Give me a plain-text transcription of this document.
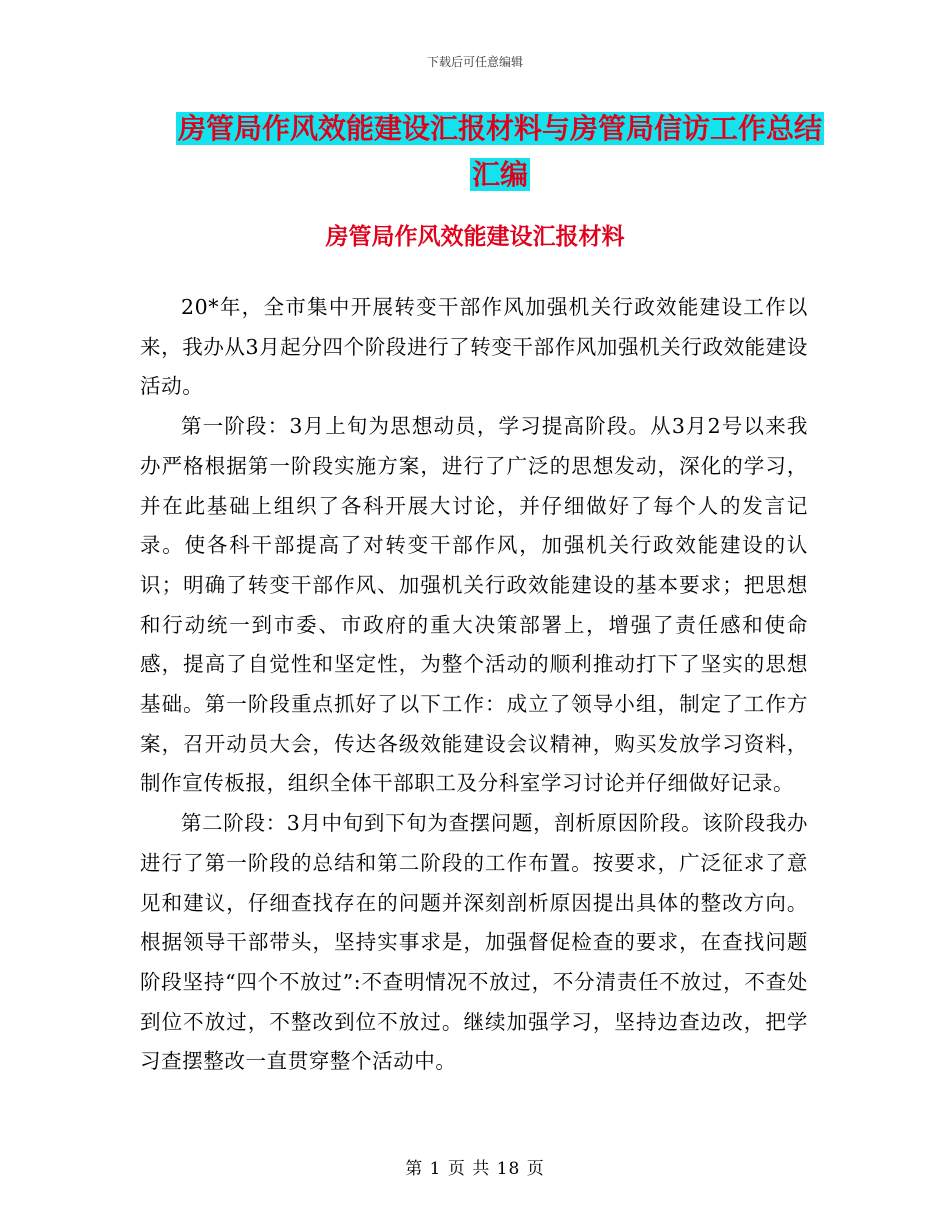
下载后可任意编辑
房管局作风效能建设汇报材料与房管局信访工作总结
汇编
房管局作风效能建设汇报材料

20*年，全市集中开展转变干部作风加强机关行政效能建设工作以来，我办从3月起分四个阶段进行了转变干部作风加强机关行政效能建设活动。

第一阶段：3月上旬为思想动员，学习提高阶段。从3月2号以来我办严格根据第一阶段实施方案，进行了广泛的思想发动，深化的学习，并在此基础上组织了各科开展大讨论，并仔细做好了每个人的发言记录。使各科干部提高了对转变干部作风，加强机关行政效能建设的认识；明确了转变干部作风、加强机关行政效能建设的基本要求；把思想和行动统一到市委、市政府的重大决策部署上，增强了责任感和使命感，提高了自觉性和坚定性，为整个活动的顺利推动打下了坚实的思想基础。第一阶段重点抓好了以下工作：成立了领导小组，制定了工作方案，召开动员大会，传达各级效能建设会议精神，购买发放学习资料，制作宣传板报，组织全体干部职工及分科室学习讨论并仔细做好记录。

第二阶段：3月中旬到下旬为查摆问题，剖析原因阶段。该阶段我办进行了第一阶段的总结和第二阶段的工作布置。按要求，广泛征求了意见和建议，仔细查找存在的问题并深刻剖析原因提出具体的整改方向。根据领导干部带头，坚持实事求是，加强督促检查的要求，在查找问题阶段坚持“四个不放过”:不查明情况不放过，不分清责任不放过，不查处到位不放过，不整改到位不放过。继续加强学习，坚持边查边改，把学习查摆整改一直贯穿整个活动中。

第 1 页 共 18 页
